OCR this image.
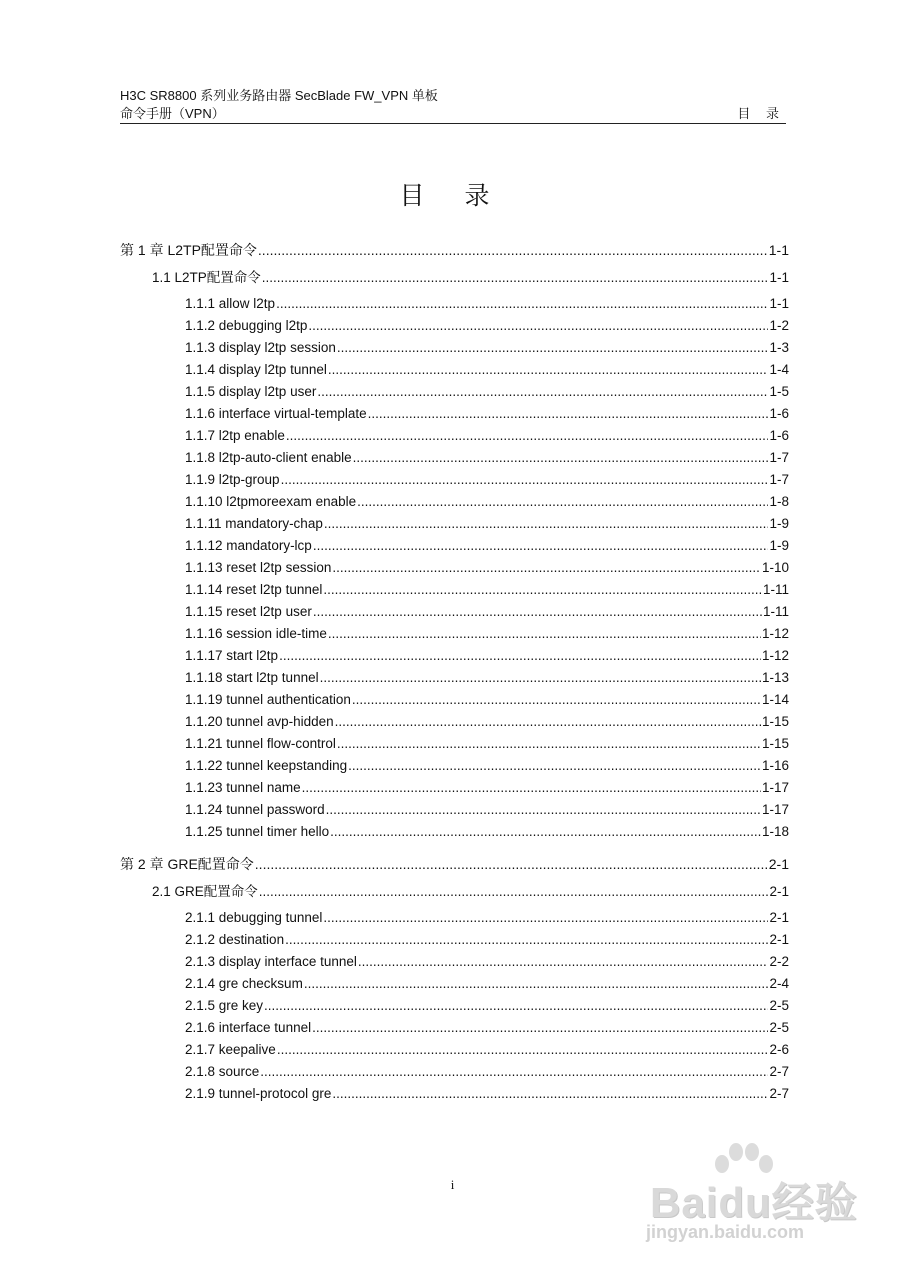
H3C SR8800 系列业务路由器 SecBlade FW_VPN 单板
命令手册（VPN）	目 录
目 录
第 1 章 L2TP配置命令 .....	1-1
1.1 L2TP配置命令 .....	1-1
1.1.1 allow l2tp .....	1-1
1.1.2 debugging l2tp .....	1-2
1.1.3 display l2tp session .....	1-3
1.1.4 display l2tp tunnel .....	1-4
1.1.5 display l2tp user .....	1-5
1.1.6 interface virtual-template .....	1-6
1.1.7 l2tp enable .....	1-6
1.1.8 l2tp-auto-client enable .....	1-7
1.1.9 l2tp-group .....	1-7
1.1.10 l2tpmoreexam enable .....	1-8
1.1.11 mandatory-chap .....	1-9
1.1.12 mandatory-lcp .....	1-9
1.1.13 reset l2tp session .....	1-10
1.1.14 reset l2tp tunnel .....	1-11
1.1.15 reset l2tp user .....	1-11
1.1.16 session idle-time .....	1-12
1.1.17 start l2tp .....	1-12
1.1.18 start l2tp tunnel .....	1-13
1.1.19 tunnel authentication .....	1-14
1.1.20 tunnel avp-hidden .....	1-15
1.1.21 tunnel flow-control .....	1-15
1.1.22 tunnel keepstanding .....	1-16
1.1.23 tunnel name .....	1-17
1.1.24 tunnel password .....	1-17
1.1.25 tunnel timer hello .....	1-18
第 2 章 GRE配置命令 .....	2-1
2.1 GRE配置命令 .....	2-1
2.1.1 debugging tunnel .....	2-1
2.1.2 destination .....	2-1
2.1.3 display interface tunnel .....	2-2
2.1.4 gre checksum .....	2-4
2.1.5 gre key .....	2-5
2.1.6 interface tunnel .....	2-5
2.1.7 keepalive .....	2-6
2.1.8 source .....	2-7
2.1.9 tunnel-protocol gre .....	2-7
i	Baidu经验
jingyan.baidu.com
